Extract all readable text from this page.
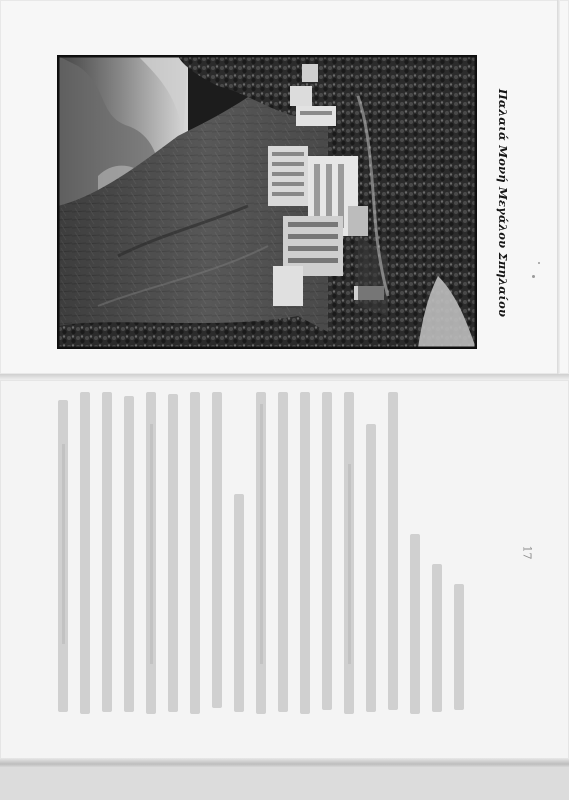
Παλαιά Μονή Μεγάλου Σπηλαίου
17
